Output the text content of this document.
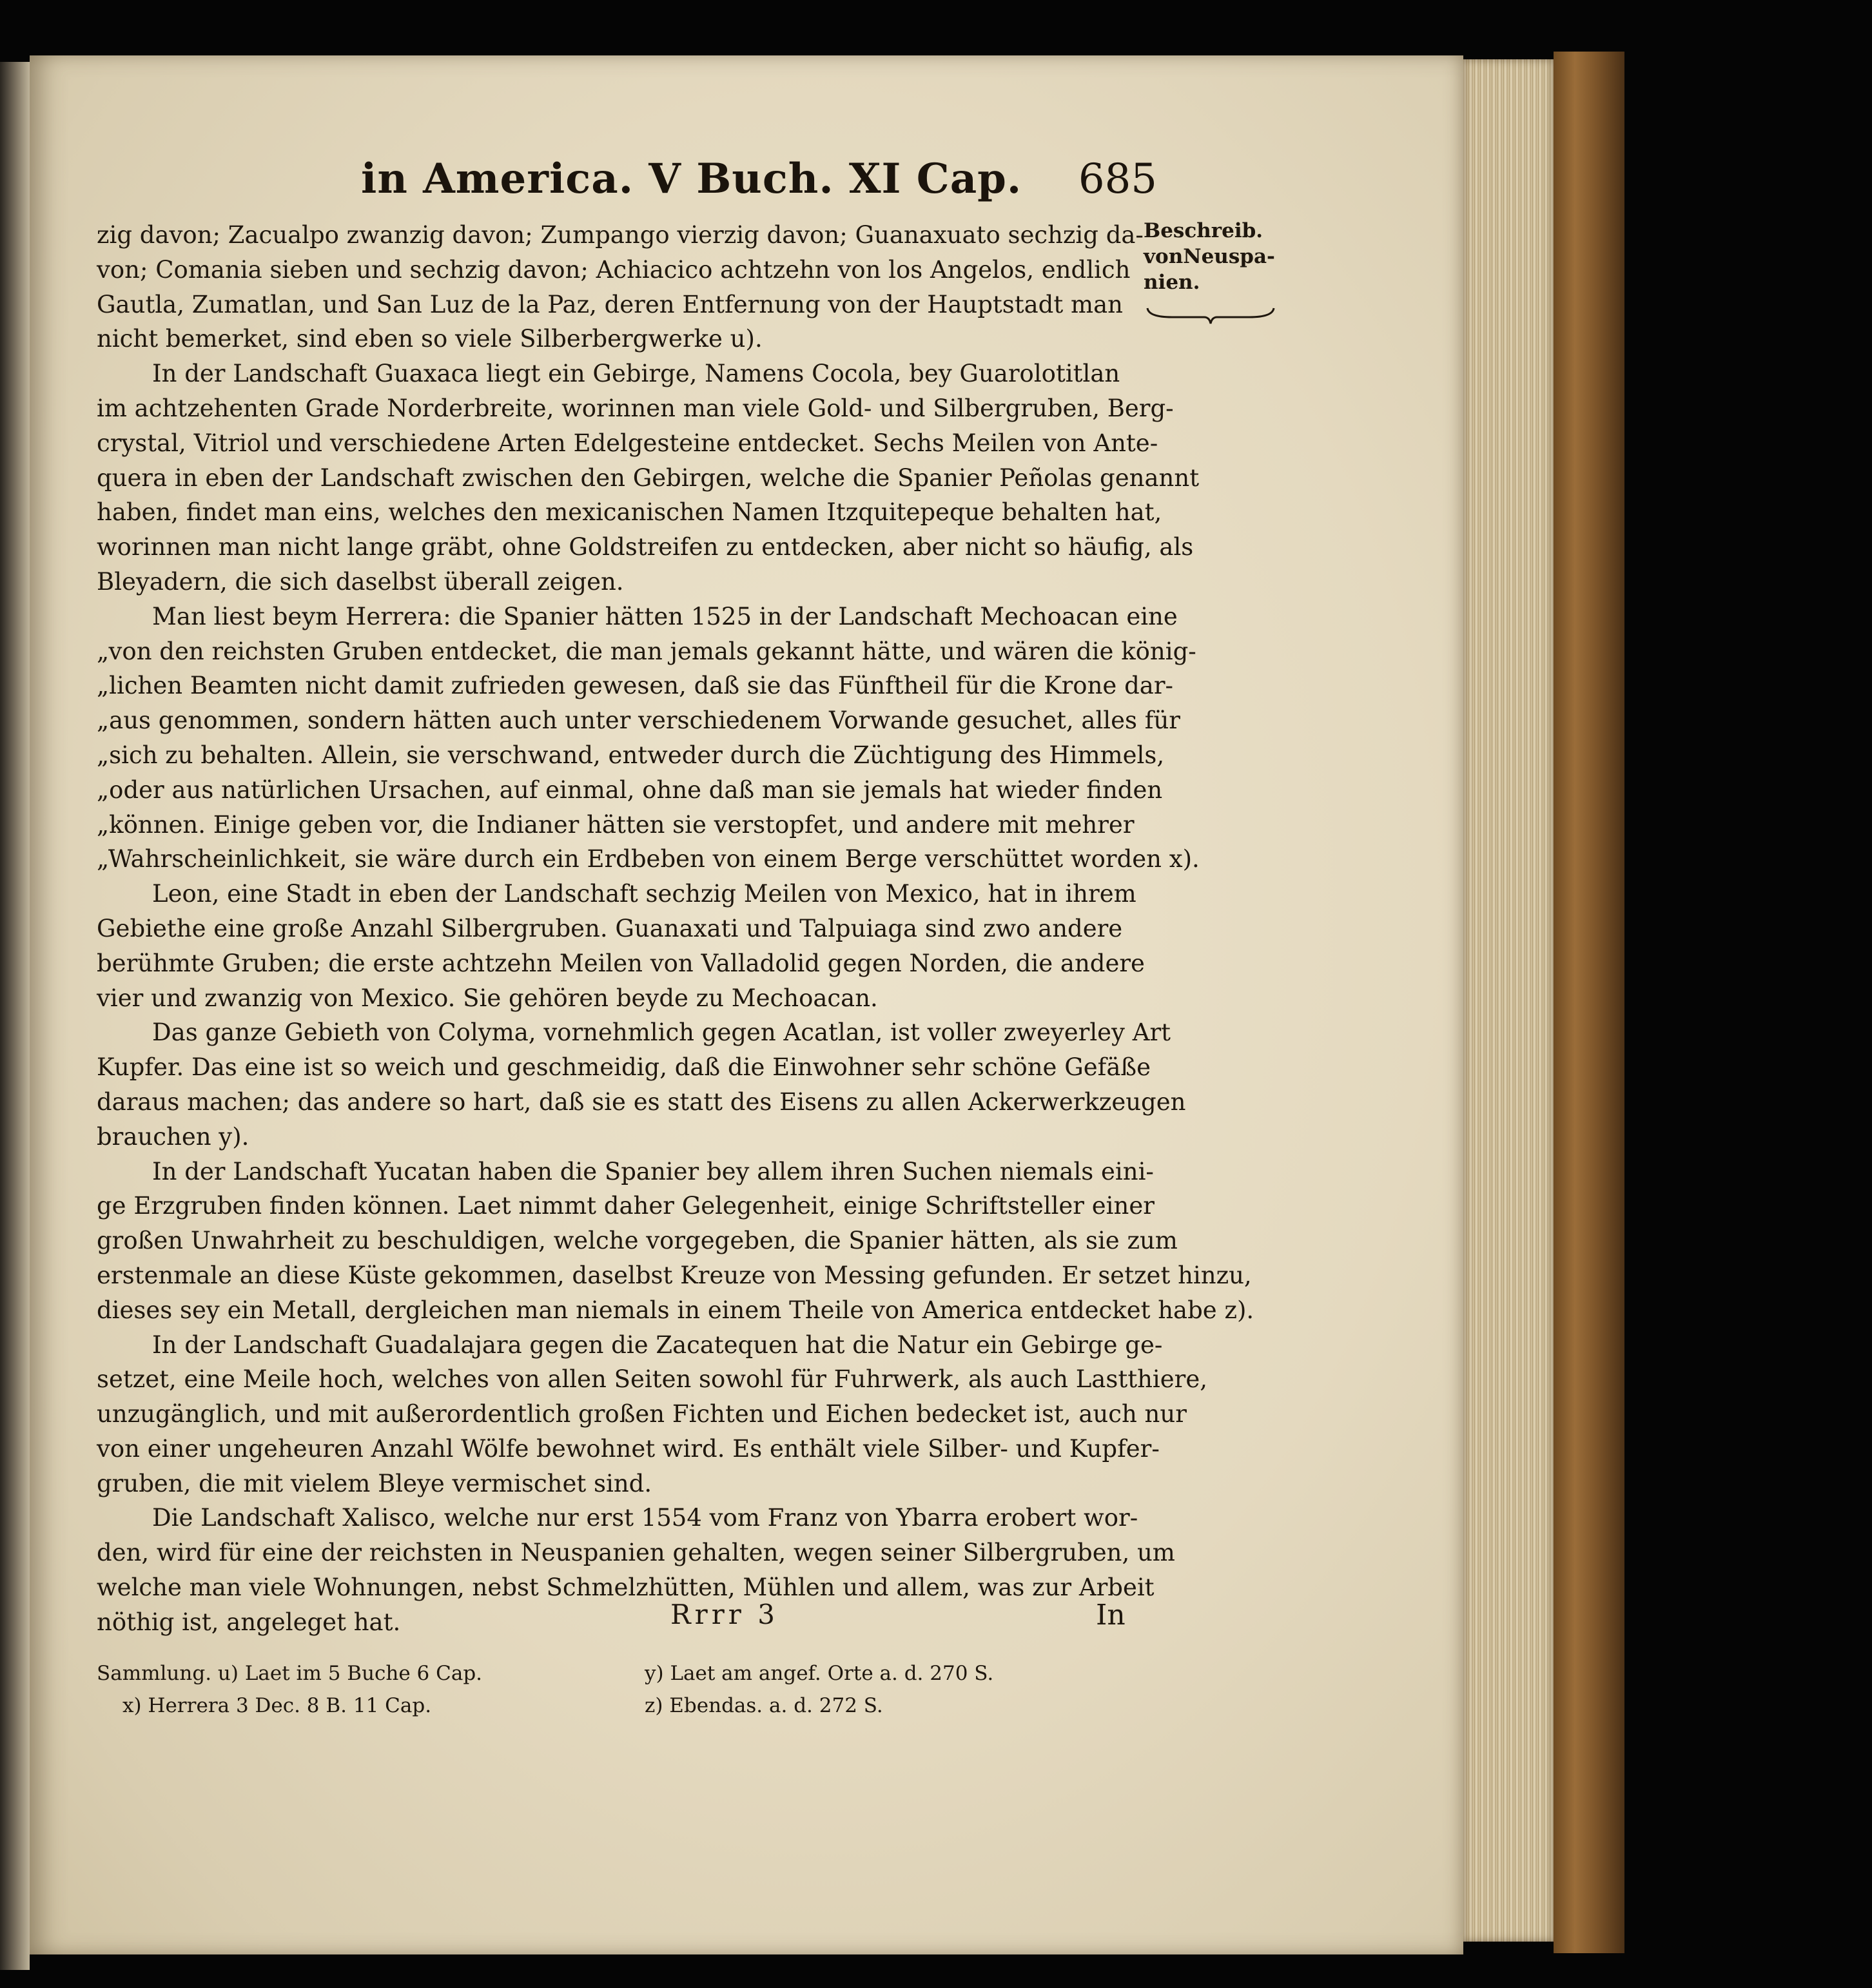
in America. V Buch. XI Cap. 685
Beschreib.
vonNeuspa-
nien.
zig davon; Zacualpo zwanzig davon; Zumpango vierzig davon; Guanaxuato sechzig da-
von; Comania sieben und sechzig davon; Achiacico achtzehn von los Angelos, endlich
Gautla, Zumatlan, und San Luz de la Paz, deren Entfernung von der Hauptstadt man
nicht bemerket, sind eben so viele Silberbergwerke u).
In der Landschaft Guaxaca liegt ein Gebirge, Namens Cocola, bey Guarolotitlan
im achtzehenten Grade Norderbreite, worinnen man viele Gold- und Silbergruben, Berg-
crystal, Vitriol und verschiedene Arten Edelgesteine entdecket. Sechs Meilen von Ante-
quera in eben der Landschaft zwischen den Gebirgen, welche die Spanier Peñolas genannt
haben, findet man eins, welches den mexicanischen Namen Itzquitepeque behalten hat,
worinnen man nicht lange gräbt, ohne Goldstreifen zu entdecken, aber nicht so häufig, als
Bleyadern, die sich daselbst überall zeigen.
Man liest beym Herrera: die Spanier hätten 1525 in der Landschaft Mechoacan eine
„von den reichsten Gruben entdecket, die man jemals gekannt hätte, und wären die könig-
„lichen Beamten nicht damit zufrieden gewesen, daß sie das Fünftheil für die Krone dar-
„aus genommen, sondern hätten auch unter verschiedenem Vorwande gesuchet, alles für
„sich zu behalten. Allein, sie verschwand, entweder durch die Züchtigung des Himmels,
„oder aus natürlichen Ursachen, auf einmal, ohne daß man sie jemals hat wieder finden
„können. Einige geben vor, die Indianer hätten sie verstopfet, und andere mit mehrer
„Wahrscheinlichkeit, sie wäre durch ein Erdbeben von einem Berge verschüttet worden x).
Leon, eine Stadt in eben der Landschaft sechzig Meilen von Mexico, hat in ihrem
Gebiethe eine große Anzahl Silbergruben. Guanaxati und Talpuiaga sind zwo andere
berühmte Gruben; die erste achtzehn Meilen von Valladolid gegen Norden, die andere
vier und zwanzig von Mexico. Sie gehören beyde zu Mechoacan.
Das ganze Gebieth von Colyma, vornehmlich gegen Acatlan, ist voller zweyerley Art
Kupfer. Das eine ist so weich und geschmeidig, daß die Einwohner sehr schöne Gefäße
daraus machen; das andere so hart, daß sie es statt des Eisens zu allen Ackerwerkzeugen
brauchen y).
In der Landschaft Yucatan haben die Spanier bey allem ihren Suchen niemals eini-
ge Erzgruben finden können. Laet nimmt daher Gelegenheit, einige Schriftsteller einer
großen Unwahrheit zu beschuldigen, welche vorgegeben, die Spanier hätten, als sie zum
erstenmale an diese Küste gekommen, daselbst Kreuze von Messing gefunden. Er setzet hinzu,
dieses sey ein Metall, dergleichen man niemals in einem Theile von America entdecket habe z).
In der Landschaft Guadalajara gegen die Zacatequen hat die Natur ein Gebirge ge-
setzet, eine Meile hoch, welches von allen Seiten sowohl für Fuhrwerk, als auch Lastthiere,
unzugänglich, und mit außerordentlich großen Fichten und Eichen bedecket ist, auch nur
von einer ungeheuren Anzahl Wölfe bewohnet wird. Es enthält viele Silber- und Kupfer-
gruben, die mit vielem Bleye vermischet sind.
Die Landschaft Xalisco, welche nur erst 1554 vom Franz von Ybarra erobert wor-
den, wird für eine der reichsten in Neuspanien gehalten, wegen seiner Silbergruben, um
welche man viele Wohnungen, nebst Schmelzhütten, Mühlen und allem, was zur Arbeit
nöthig ist, angeleget hat.	Rrrr 3	In
Sammlung. u) Laet im 5 Buche 6 Cap.
x) Herrera 3 Dec. 8 B. 11 Cap.
y) Laet am angef. Orte a. d. 270 S.
z) Ebendas. a. d. 272 S.
